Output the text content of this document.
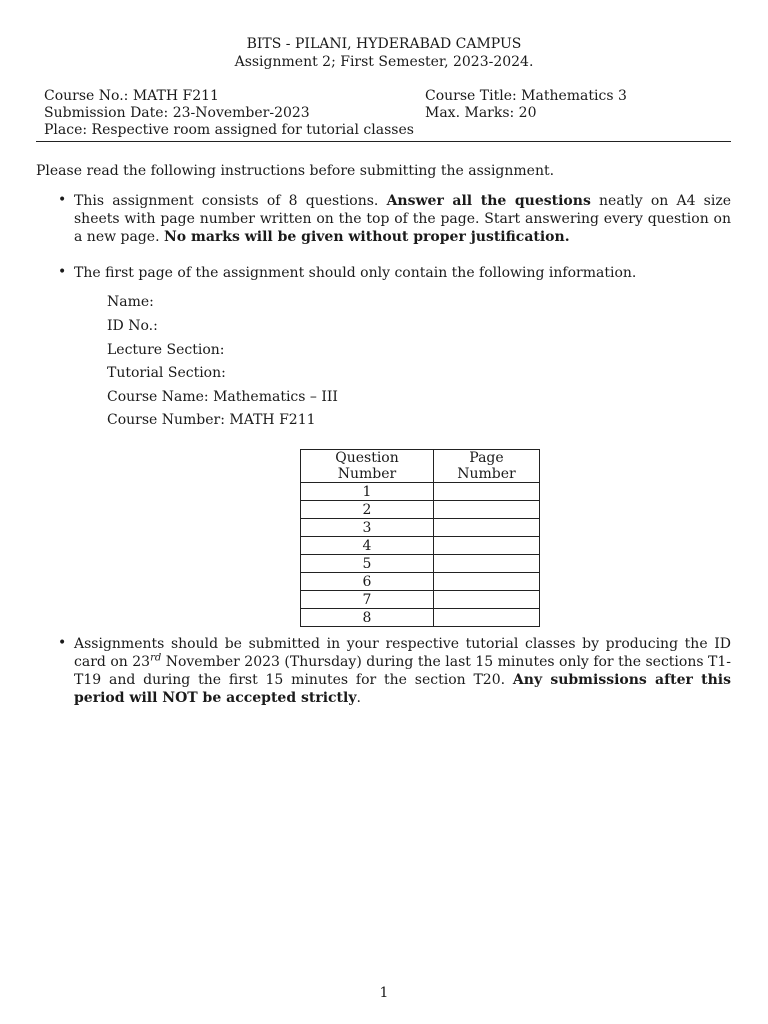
BITS - PILANI, HYDERABAD CAMPUS
Assignment 2; First Semester, 2023-2024.
Course No.: MATH F211	Course Title: Mathematics 3
Submission Date: 23-November-2023	Max. Marks: 20
Place: Respective room assigned for tutorial classes
Please read the following instructions before submitting the assignment.
• This assignment consists of 8 questions. Answer all the questions neatly on A4 size sheets with page number written on the top of the page. Start answering every question on a new page. No marks will be given without proper justification.
• The first page of the assignment should only contain the following information.
Name:
ID No.:
Lecture Section:
Tutorial Section:
Course Name: Mathematics – III
Course Number: MATH F211
Question Number	Page Number
1	
2	
3	
4	
5	
6	
7	
8	
• Assignments should be submitted in your respective tutorial classes by producing the ID card on 23rd November 2023 (Thursday) during the last 15 minutes only for the sections T1-T19 and during the first 15 minutes for the section T20. Any submissions after this period will NOT be accepted strictly.
1
